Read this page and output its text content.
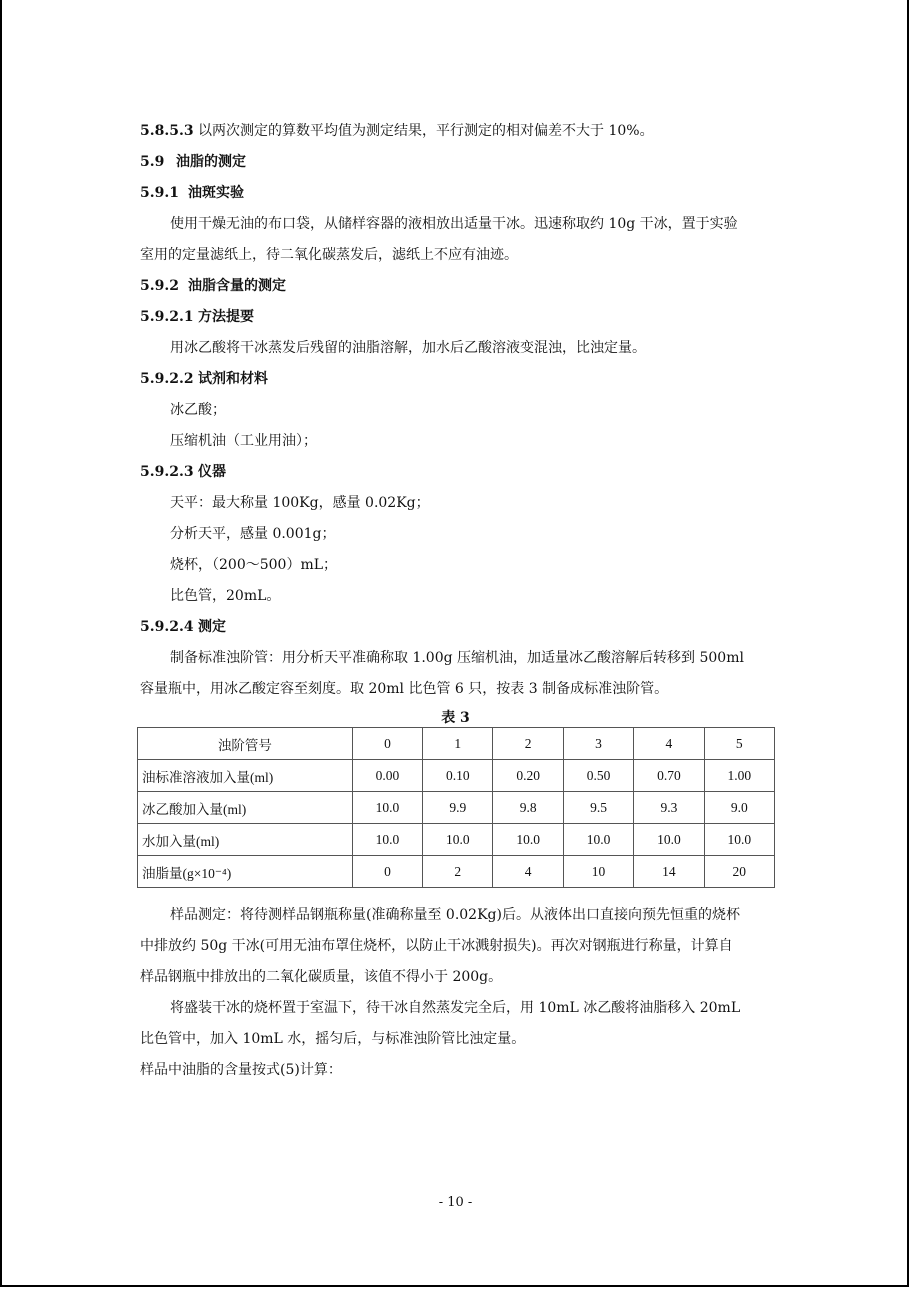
5.8.5.3 以两次测定的算数平均值为测定结果，平行测定的相对偏差不大于 10%。
5.9 油脂的测定
5.9.1 油斑实验
使用干燥无油的布口袋，从储样容器的液相放出适量干冰。迅速称取约 10g 干冰，置于实验
室用的定量滤纸上，待二氧化碳蒸发后，滤纸上不应有油迹。
5.9.2 油脂含量的测定
5.9.2.1 方法提要
用冰乙酸将干冰蒸发后残留的油脂溶解，加水后乙酸溶液变混浊，比浊定量。
5.9.2.2 试剂和材料
冰乙酸；
压缩机油（工业用油）；
5.9.2.3 仪器
天平：最大称量 100Kg，感量 0.02Kg；
分析天平，感量 0.001g；
烧杯，（200～500）mL；
比色管，20mL。
5.9.2.4 测定
制备标准浊阶管：用分析天平准确称取 1.00g 压缩机油，加适量冰乙酸溶解后转移到 500ml
容量瓶中，用冰乙酸定容至刻度。取 20ml 比色管 6 只，按表 3 制备成标准浊阶管。
表 3
浊阶管号	0	1	2	3	4	5
油标准溶液加入量(ml)	0.00	0.10	0.20	0.50	0.70	1.00
冰乙酸加入量(ml)	10.0	9.9	9.8	9.5	9.3	9.0
水加入量(ml)	10.0	10.0	10.0	10.0	10.0	10.0
油脂量(g×10⁻⁴)	0	2	4	10	14	20
样品测定：将待测样品钢瓶称量(准确称量至 0.02Kg)后。从液体出口直接向预先恒重的烧杯
中排放约 50g 干冰(可用无油布罩住烧杯，以防止干冰溅射损失)。再次对钢瓶进行称量，计算自
样品钢瓶中排放出的二氧化碳质量，该值不得小于 200g。
将盛装干冰的烧杯置于室温下，待干冰自然蒸发完全后，用 10mL 冰乙酸将油脂移入 20mL
比色管中，加入 10mL 水，摇匀后，与标准浊阶管比浊定量。
样品中油脂的含量按式(5)计算：
- 10 -
